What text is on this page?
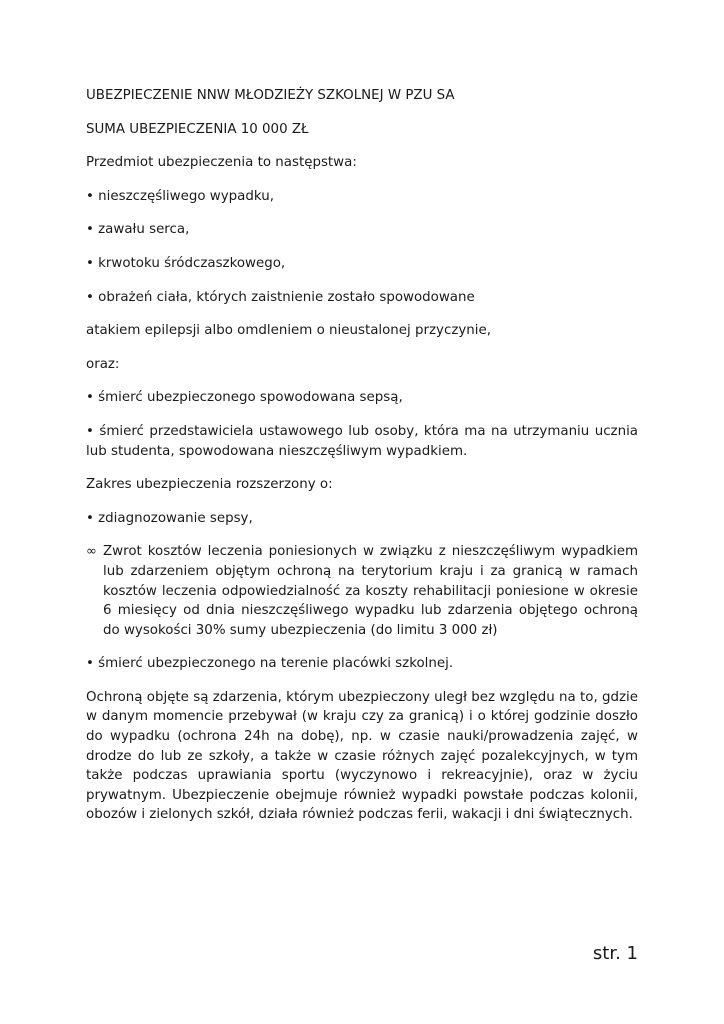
UBEZPIECZENIE NNW MŁODZIEŻY SZKOLNEJ W PZU SA

SUMA UBEZPIECZENIA 10 000 ZŁ

Przedmiot ubezpieczenia to następstwa:

• nieszczęśliwego wypadku,

• zawału serca,

• krwotoku śródczaszkowego,

• obrażeń ciała, których zaistnienie zostało spowodowane

atakiem epilepsji albo omdleniem o nieustalonej przyczynie,

oraz:

• śmierć ubezpieczonego spowodowana sepsą,

• śmierć przedstawiciela ustawowego lub osoby, która ma na utrzymaniu ucznia lub studenta, spowodowana nieszczęśliwym wypadkiem.

Zakres ubezpieczenia rozszerzony o:

• zdiagnozowanie sepsy,

∞ Zwrot kosztów leczenia poniesionych w związku z nieszczęśliwym wypadkiem lub zdarzeniem objętym ochroną na terytorium kraju i za granicą w ramach kosztów leczenia odpowiedzialność za koszty rehabilitacji poniesione w okresie 6 miesięcy od dnia nieszczęśliwego wypadku lub zdarzenia objętego ochroną do wysokości 30% sumy ubezpieczenia (do limitu 3 000 zł)

• śmierć ubezpieczonego na terenie placówki szkolnej.

Ochroną objęte są zdarzenia, którym ubezpieczony uległ bez względu na to, gdzie w danym momencie przebywał (w kraju czy za granicą) i o której godzinie doszło do wypadku (ochrona 24h na dobę), np. w czasie nauki/prowadzenia zajęć, w drodze do lub ze szkoły, a także w czasie różnych zajęć pozalekcyjnych, w tym także podczas uprawiania sportu (wyczynowo i rekreacyjnie), oraz w życiu prywatnym. Ubezpieczenie obejmuje również wypadki powstałe podczas kolonii, obozów i zielonych szkół, działa również podczas ferii, wakacji i dni świątecznych.

str. 1
